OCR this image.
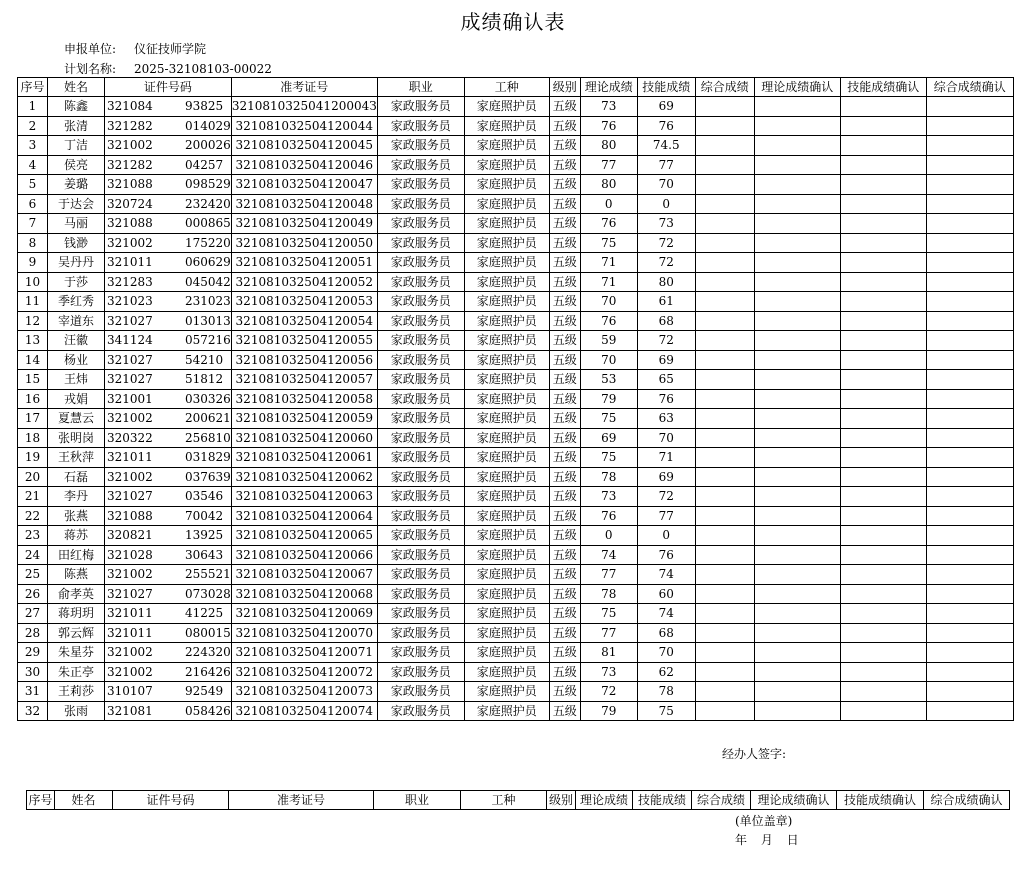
成绩确认表
申报单位: 仪征技师学院
计划名称: 2025-32108103-00022
序号	姓名	证件号码	准考证号	职业	工种	级别	理论成绩	技能成绩	综合成绩	理论成绩确认	技能成绩确认	综合成绩确认
1	陈鑫	321084 93825	321081032504120004З	家政服务员	家庭照护员	五级	73	69				
2	张清	321282 014029	321081032504120044	家政服务员	家庭照护员	五级	76	76				
3	丁洁	321002 200026	321081032504120045	家政服务员	家庭照护员	五级	80	74.5				
4	侯亮	321282 04257	321081032504120046	家政服务员	家庭照护员	五级	77	77				
5	姜璐	321088 098529	321081032504120047	家政服务员	家庭照护员	五级	80	70				
6	于达会	320724 232420	321081032504120048	家政服务员	家庭照护员	五级	0	0				
7	马丽	321088 000865	321081032504120049	家政服务员	家庭照护员	五级	76	73				
8	钱渺	321002 175220	321081032504120050	家政服务员	家庭照护员	五级	75	72				
9	吴丹丹	321011 060629	321081032504120051	家政服务员	家庭照护员	五级	71	72				
10	于莎	321283 045042	321081032504120052	家政服务员	家庭照护员	五级	71	80				
11	季红秀	321023 231023	321081032504120053	家政服务员	家庭照护员	五级	70	61				
12	宰道东	321027 013013	321081032504120054	家政服务员	家庭照护员	五级	76	68				
13	汪徽	341124 057216	321081032504120055	家政服务员	家庭照护员	五级	59	72				
14	杨业	321027 54210	321081032504120056	家政服务员	家庭照护员	五级	70	69				
15	王炜	321027 51812	321081032504120057	家政服务员	家庭照护员	五级	53	65				
16	戎娟	321001 030326	321081032504120058	家政服务员	家庭照护员	五级	79	76				
17	夏慧云	321002 200621	321081032504120059	家政服务员	家庭照护员	五级	75	63				
18	张明岗	320322 256810	321081032504120060	家政服务员	家庭照护员	五级	69	70				
19	王秋萍	321011 031829	321081032504120061	家政服务员	家庭照护员	五级	75	71				
20	石磊	321002 037639	321081032504120062	家政服务员	家庭照护员	五级	78	69				
21	李丹	321027 03546	321081032504120063	家政服务员	家庭照护员	五级	73	72				
22	张燕	321088 70042	321081032504120064	家政服务员	家庭照护员	五级	76	77				
23	蒋苏	320821 13925	321081032504120065	家政服务员	家庭照护员	五级	0	0				
24	田红梅	321028 30643	321081032504120066	家政服务员	家庭照护员	五级	74	76				
25	陈燕	321002 255521	321081032504120067	家政服务员	家庭照护员	五级	77	74				
26	俞孝英	321027 073028	321081032504120068	家政服务员	家庭照护员	五级	78	60				
27	蒋玥玥	321011 41225	321081032504120069	家政服务员	家庭照护员	五级	75	74				
28	郭云辉	321011 080015	321081032504120070	家政服务员	家庭照护员	五级	77	68				
29	朱星芬	321002 224320	321081032504120071	家政服务员	家庭照护员	五级	81	70				
30	朱正亭	321002 216426	321081032504120072	家政服务员	家庭照护员	五级	73	62				
31	王莉莎	310107 92549	321081032504120073	家政服务员	家庭照护员	五级	72	78				
32	张雨	321081 058426	321081032504120074	家政服务员	家庭照护员	五级	79	75				
经办人签字:
序号	姓名	证件号码	准考证号	职业	工种	级别	理论成绩	技能成绩	综合成绩	理论成绩确认	技能成绩确认	综合成绩确认
(单位盖章)
年 月 日
